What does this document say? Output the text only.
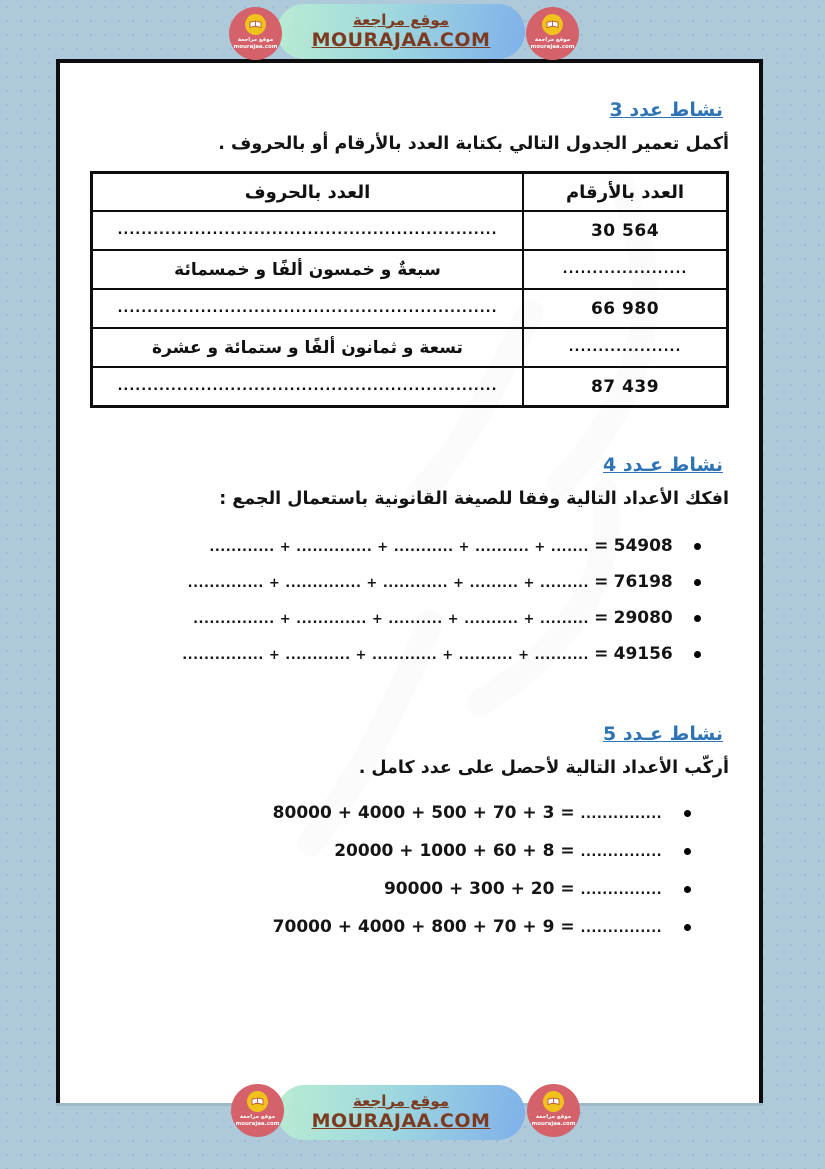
نشاط عدد 3

أكمل تعمير الجدول التالي بكتابة العدد بالأرقام أو بالحروف .

العدد بالأرقام	العدد بالحروف
30 564	................................................................
.....................	سبعةٌ و خمسون ألفًا و خمسمائة
66 980	................................................................
...................	تسعة و ثمانون ألفًا و ستمائة و عشرة
87 439	................................................................
نشاط عـدد 4

افكك الأعداد التالية وفقا للصيغة القانونية باستعمال الجمع :

............ + .............. + ........... + .......... + ....... = 54908
.............. + .............. + ............ + ......... + ......... = 76198
............... + ............. + .......... + .......... + ......... = 29080
............... + ............ + ............ + .......... + .......... = 49156
نشاط عـدد 5

أركّب الأعداد التالية لأحصل على عدد كامل .

80000 + 4000 + 500 + 70 + 3 = ...............
20000 + 1000 + 60 + 8 = ...............
90000 + 300 + 20 = ...............
70000 + 4000 + 800 + 70 + 9 = ...............
موقع مراجعة
MOURAJAA.COM
موقع مراجعة
mourajaa.com
موقع مراجعة
mourajaa.com
موقع مراجعة
MOURAJAA.COM
موقع مراجعة
mourajaa.com
موقع مراجعة
mourajaa.com
